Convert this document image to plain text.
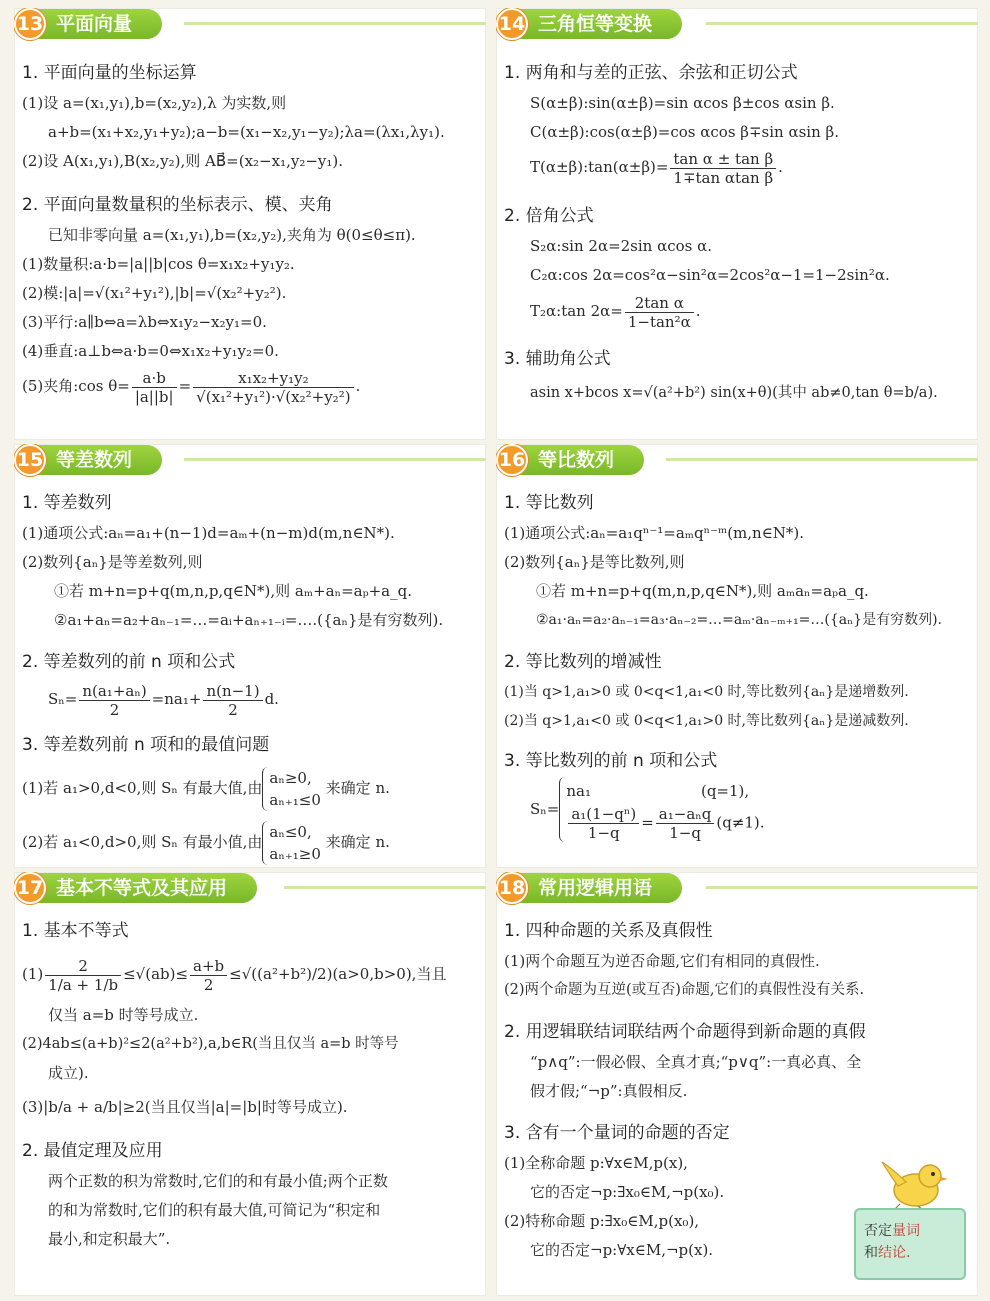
13 平面向量
1. 平面向量的坐标运算
(1)设 a=(x₁,y₁),b=(x₂,y₂),λ 为实数,则
a+b=(x₁+x₂,y₁+y₂);a−b=(x₁−x₂,y₁−y₂);λa=(λx₁,λy₁).
(2)设 A(x₁,y₁),B(x₂,y₂),则 AB⃗=(x₂−x₁,y₂−y₁).
2. 平面向量数量积的坐标表示、模、夹角
已知非零向量 a=(x₁,y₁),b=(x₂,y₂),夹角为 θ(0≤θ≤π).
(1)数量积:a·b=|a||b|cos θ=x₁x₂+y₁y₂.
(2)模:|a|=√(x₁²+y₁²),|b|=√(x₂²+y₂²).
(3)平行:a∥b⇔a=λb⇔x₁y₂−x₂y₁=0.
(4)垂直:a⊥b⇔a·b=0⇔x₁x₂+y₁y₂=0.
(5)夹角:cos $\theta= \frac{a\cdot b}{|a||b|} = \frac{\text{x₁x₂+y₁y₂}}{\text{√(x₁²+y₁²)·√(x₂²+y₂²)}}$ .
14 三角恒等变换
1. 两角和与差的正弦、余弦和正切公式
S(α±β):sin(α±β)=sin αcos β±cos αsin β.
C(α±β):cos(α±β)=cos αcos β∓sin αsin β.
T(α±β):tan(α±β)= $\frac{\text{tan α ± tan β}}{\text{1∓tan αtan β}}$ .
2. 倍角公式
S₂α:sin 2α=2sin αcos α.
C₂α:cos 2α=cos²α−sin²α=2cos²α−1=1−2sin²α.
T₂α:tan $2\alpha= \frac{\text{2tan α}}{\text{1−tan²α}}$ .
3. 辅助角公式
asin x+bcos x=√(a²+b²) sin(x+θ)(其中 ab≠0,tan θ=b/a).
15 等差数列
1. 等差数列
(1)通项公式:aₙ=a₁+(n−1)d=aₘ+(n−m)d(m,n∈N*).
(2)数列{aₙ}是等差数列,则
①若 m+n=p+q(m,n,p,q∈N*),则 aₘ+aₙ=aₚ+a_q.
②a₁+aₙ=a₂+aₙ₋₁=…=aᵢ+aₙ₊₁₋ᵢ=….({aₙ}是有穷数列).
2. 等差数列的前 n 项和公式
$S_n= \frac{\text{n(a₁+aₙ)}}{2} =na_1+ \frac{n(n-1)}{2} d$.
3. 等差数列前 n 项和的最值问题
(1)若 a₁>0,d<0,则 Sₙ 有最大值,由
aₙ≥0,
aₙ₊₁≤0
来确定 n.
(2)若 a₁<0,d>0,则 Sₙ 有最小值,由
aₙ≤0,
aₙ₊₁≥0
来确定 n.
16 等比数列
1. 等比数列
(1)通项公式:aₙ=a₁qⁿ⁻¹=aₘqⁿ⁻ᵐ(m,n∈N*).
(2)数列{aₙ}是等比数列,则
①若 m+n=p+q(m,n,p,q∈N*),则 aₘaₙ=aₚa_q.
②a₁·aₙ=a₂·aₙ₋₁=a₃·aₙ₋₂=…=aₘ·aₙ₋ₘ₊₁=…({aₙ}是有穷数列).
2. 等比数列的增减性
(1)当 q>1,a₁>0 或 0<q<1,a₁<0 时,等比数列{aₙ}是递增数列.
(2)当 q>1,a₁<0 或 0<q<1,a₁>0 时,等比数列{aₙ}是递减数列.
3. 等比数列的前 n 项和公式
Sₙ=
na₁	(q=1),
$\frac{\text{a₁(1−qⁿ)}}{1-q} = \frac{\text{a₁−aₙq}}{1-q} (q\ne 1)$.
17 基本不等式及其应用
1. 基本不等式
$(1) \frac{2}{1/a + 1/b} \le√(ab)\le \frac{a+b}{2} \le√((a^2+b^2)/2)(a>0,b>0)$,当且
仅当 a=b 时等号成立.
(2)4ab≤(a+b)²≤2(a²+b²),a,b∈R(当且仅当 a=b 时等号
成立).
(3)|b/a + a/b|≥2(当且仅当|a|=|b|时等号成立).
2. 最值定理及应用
两个正数的积为常数时,它们的和有最小值;两个正数
的和为常数时,它们的积有最大值,可简记为“积定和
最小,和定积最大”.
18 常用逻辑用语
1. 四种命题的关系及真假性
(1)两个命题互为逆否命题,它们有相同的真假性.
(2)两个命题为互逆(或互否)命题,它们的真假性没有关系.
2. 用逻辑联结词联结两个命题得到新命题的真假
“p∧q”:一假必假、全真才真;“p∨q”:一真必真、全
假才假;“¬p”:真假相反.
3. 含有一个量词的命题的否定
(1)全称命题 p:∀x∈M,p(x),
它的否定¬p:∃x₀∈M,¬p(x₀).
(2)特称命题 p:∃x₀∈M,p(x₀),
它的否定¬p:∀x∈M,¬p(x).
否定量词
和结论.
